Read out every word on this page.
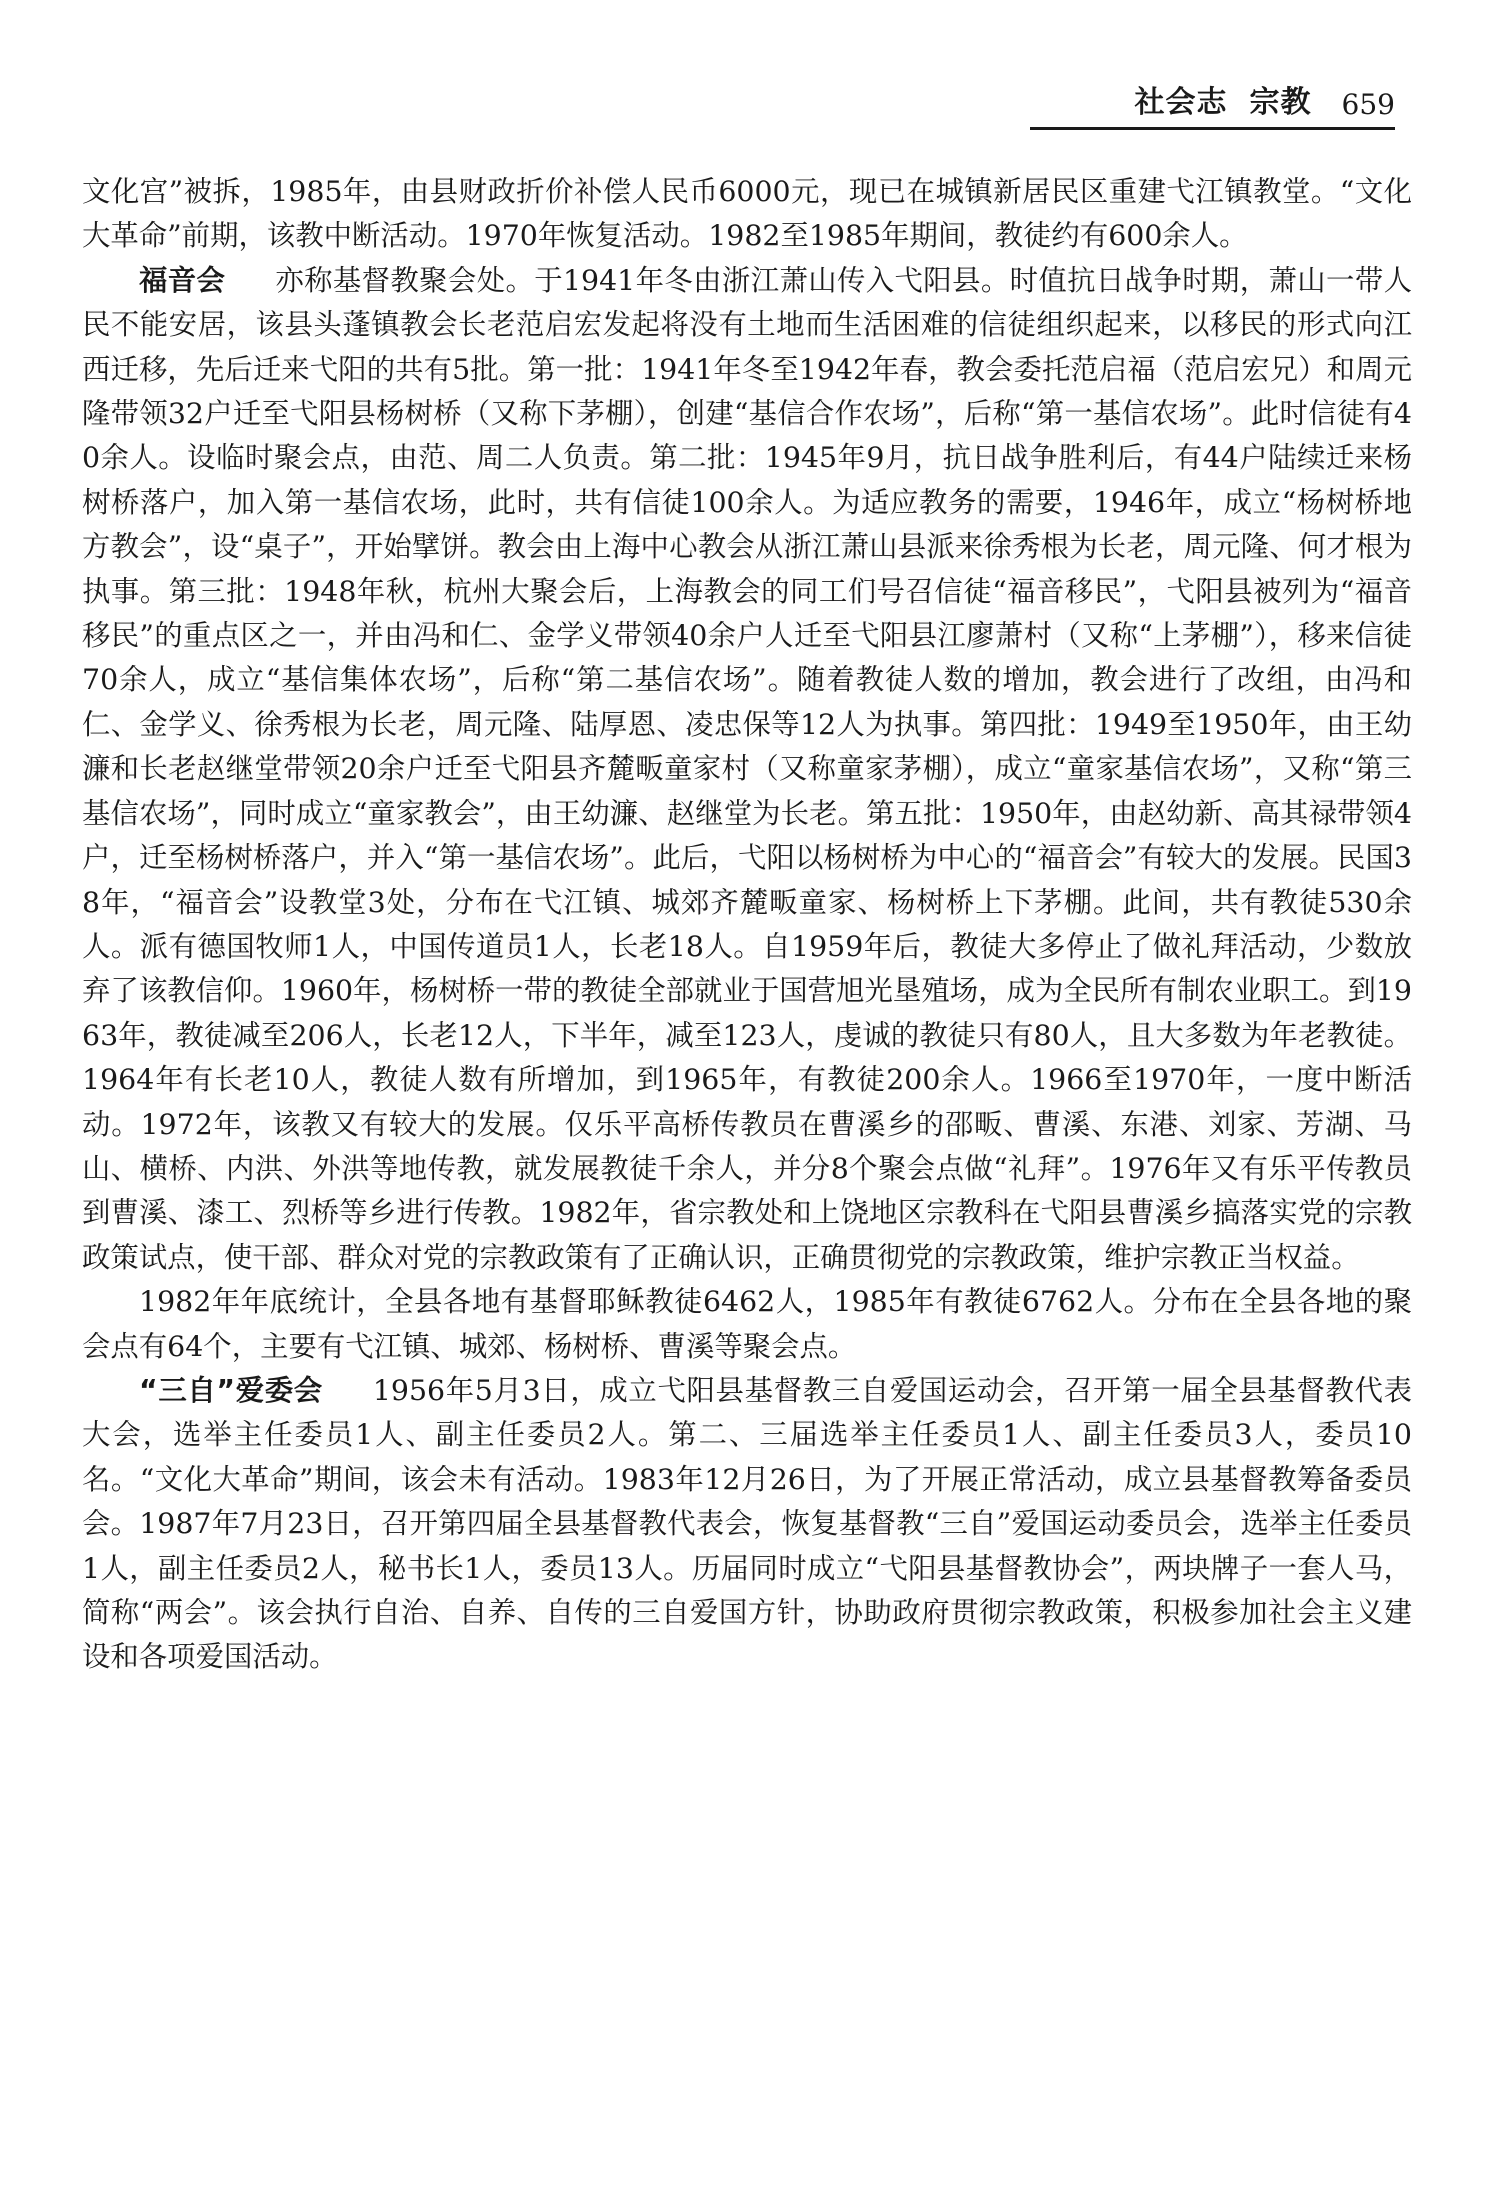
社会志 宗教 659

文化宫”被拆，1985年，由县财政折价补偿人民币6000元，现已在城镇新居民区重建弋江镇教堂。“文化大革命”前期，该教中断活动。1970年恢复活动。1982至1985年期间，教徒约有600余人。

福音会 亦称基督教聚会处。于1941年冬由浙江萧山传入弋阳县。时值抗日战争时期，萧山一带人民不能安居，该县头蓬镇教会长老范启宏发起将没有土地而生活困难的信徒组织起来，以移民的形式向江西迁移，先后迁来弋阳的共有5批。第一批：1941年冬至1942年春，教会委托范启福（范启宏兄）和周元隆带领32户迁至弋阳县杨树桥（又称下茅棚），创建“基信合作农场”，后称“第一基信农场”。此时信徒有40余人。设临时聚会点，由范、周二人负责。第二批：1945年9月，抗日战争胜利后，有44户陆续迁来杨树桥落户，加入第一基信农场，此时，共有信徒100余人。为适应教务的需要，1946年，成立“杨树桥地方教会”，设“桌子”，开始擘饼。教会由上海中心教会从浙江萧山县派来徐秀根为长老，周元隆、何才根为执事。第三批：1948年秋，杭州大聚会后，上海教会的同工们号召信徒“福音移民”，弋阳县被列为“福音移民”的重点区之一，并由冯和仁、金学义带领40余户人迁至弋阳县江廖萧村（又称“上茅棚”），移来信徒70余人，成立“基信集体农场”，后称“第二基信农场”。随着教徒人数的增加，教会进行了改组，由冯和仁、金学义、徐秀根为长老，周元隆、陆厚恩、凌忠保等12人为执事。第四批：1949至1950年，由王幼濂和长老赵继堂带领20余户迁至弋阳县齐麓畈童家村（又称童家茅棚），成立“童家基信农场”，又称“第三基信农场”，同时成立“童家教会”，由王幼濂、赵继堂为长老。第五批：1950年，由赵幼新、高其禄带领4户，迁至杨树桥落户，并入“第一基信农场”。此后，弋阳以杨树桥为中心的“福音会”有较大的发展。民国38年，“福音会”设教堂3处，分布在弋江镇、城郊齐麓畈童家、杨树桥上下茅棚。此间，共有教徒530余人。派有德国牧师1人，中国传道员1人，长老18人。自1959年后，教徒大多停止了做礼拜活动，少数放弃了该教信仰。1960年，杨树桥一带的教徒全部就业于国营旭光垦殖场，成为全民所有制农业职工。到1963年，教徒减至206人，长老12人，下半年，减至123人，虔诚的教徒只有80人，且大多数为年老教徒。1964年有长老10人，教徒人数有所增加，到1965年，有教徒200余人。1966至1970年，一度中断活动。1972年，该教又有较大的发展。仅乐平高桥传教员在曹溪乡的邵畈、曹溪、东港、刘家、芳湖、马山、横桥、内洪、外洪等地传教，就发展教徒千余人，并分8个聚会点做“礼拜”。1976年又有乐平传教员到曹溪、漆工、烈桥等乡进行传教。1982年，省宗教处和上饶地区宗教科在弋阳县曹溪乡搞落实党的宗教政策试点，使干部、群众对党的宗教政策有了正确认识，正确贯彻党的宗教政策，维护宗教正当权益。

1982年年底统计，全县各地有基督耶稣教徒6462人，1985年有教徒6762人。分布在全县各地的聚会点有64个，主要有弋江镇、城郊、杨树桥、曹溪等聚会点。

“三自”爱委会 1956年5月3日，成立弋阳县基督教三自爱国运动会，召开第一届全县基督教代表大会，选举主任委员1人、副主任委员2人。第二、三届选举主任委员1人、副主任委员3人，委员10名。“文化大革命”期间，该会未有活动。1983年12月26日，为了开展正常活动，成立县基督教筹备委员会。1987年7月23日，召开第四届全县基督教代表会，恢复基督教“三自”爱国运动委员会，选举主任委员1人，副主任委员2人，秘书长1人，委员13人。历届同时成立“弋阳县基督教协会”，两块牌子一套人马，简称“两会”。该会执行自治、自养、自传的三自爱国方针，协助政府贯彻宗教政策，积极参加社会主义建设和各项爱国活动。
